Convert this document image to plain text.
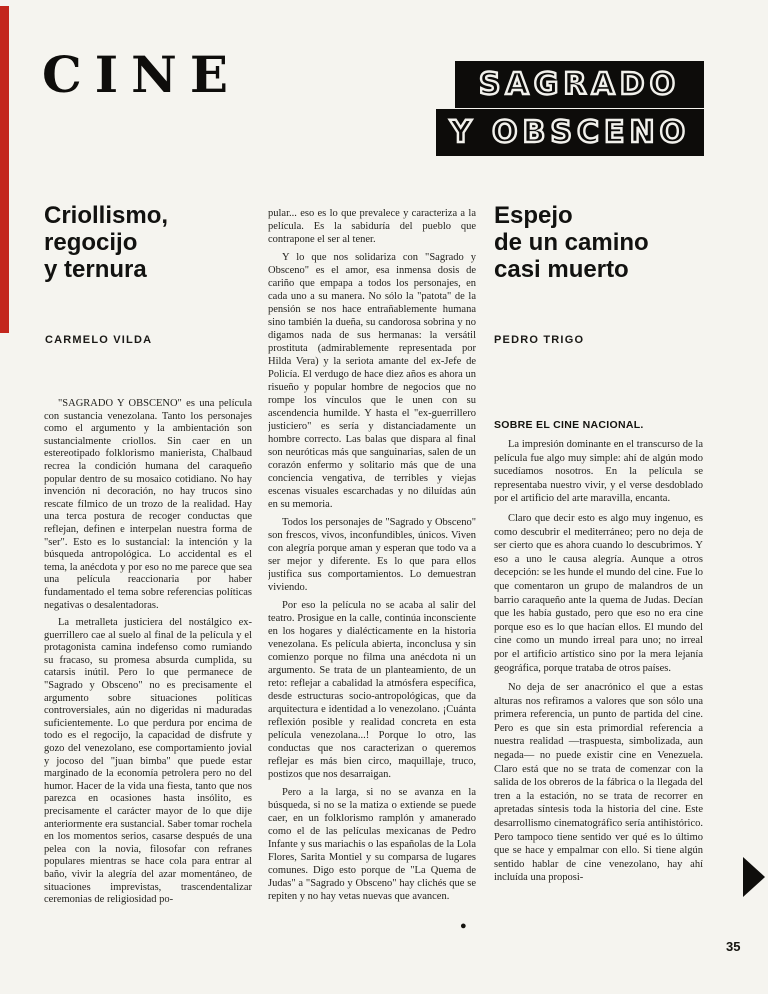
CINE	SAGRADO
Y OBSCENO
Criollismo,
regocijo
y ternura
CARMELO VILDA

"SAGRADO Y OBSCENO" es una película con sustancia venezolana. Tanto los personajes como el argumento y la ambientación son sustancialmente criollos. Sin caer en un estereotipado folklorismo manierista, Chalbaud recrea la condición humana del caraqueño popular dentro de su mosaico cotidiano. No hay invención ni decoración, no hay trucos sino rescate fílmico de un trozo de la realidad. Hay una terca postura de recoger conductas que reflejan, definen e interpelan nuestra forma de "ser". Esto es lo sustancial: la intención y la búsqueda antropológica. Lo accidental es el tema, la anécdota y por eso no me parece que sea una película reaccionaria por haber fundamentado el tema sobre referencias políticas negativas o desalentadoras.

La metralleta justiciera del nostálgico ex-guerrillero cae al suelo al final de la película y el protagonista camina indefenso como rumiando su fracaso, su promesa absurda cumplida, su catarsis inútil. Pero lo que permanece de "Sagrado y Obsceno" no es precisamente el argumento sobre situaciones políticas controversiales, aún no digeridas ni maduradas suficientemente. Lo que perdura por encima de todo es el regocijo, la capacidad de disfrute y gozo del venezolano, ese comportamiento jovial y jocoso del "juan bimba" que puede estar marginado de la economía petrolera pero no del humor. Hacer de la vida una fiesta, tanto que nos parezca en ocasiones hasta insólito, es precisamente el carácter mayor de lo que dije anteriormente era sustancial. Saber tomar rochela en los momentos serios, casarse después de una pelea con la novia, filosofar con refranes populares mientras se hace cola para entrar al baño, vivir la alegría del azar momentáneo, de situaciones imprevistas, trascendentalizar ceremonias de religiosidad po-

pular... eso es lo que prevalece y caracteriza a la película. Es la sabiduría del pueblo que contrapone el ser al tener.

Y lo que nos solidariza con "Sagrado y Obsceno" es el amor, esa inmensa dosis de cariño que empapa a todos los personajes, en cada uno a su manera. No sólo la "patota" de la pensión se nos hace entrañablemente humana sino también la dueña, su candorosa sobrina y no digamos nada de sus hermanas: la versátil prostituta (admirablemente representada por Hilda Vera) y la seriota amante del ex-Jefe de Policía. El verdugo de hace diez años es ahora un risueño y popular hombre de negocios que no rompe los vínculos que le unen con su ascendencia humilde. Y hasta el "ex-guerrillero justiciero" es sería y distanciadamente un hombre correcto. Las balas que dispara al final son neuróticas más que sanguinarias, salen de un corazón enfermo y solitario más que de una conciencia vengativa, de terribles y viejas escenas visuales escarchadas y no diluídas aún en su memoria.

Todos los personajes de "Sagrado y Obsceno" son frescos, vivos, inconfundibles, únicos. Viven con alegría porque aman y esperan que todo va a ser mejor y diferente. Es lo que para ellos justifica sus comportamientos. Lo demuestran viviendo.

Por eso la película no se acaba al salir del teatro. Prosigue en la calle, continúa inconsciente en los hogares y dialécticamente en la historia venezolana. Es película abierta, inconclusa y sin comienzo porque no filma una anécdota ni un argumento. Se trata de un planteamiento, de un reto: reflejar a cabalidad la atmósfera específica, desde estructuras socio-antropológicas, que da arquitectura e identidad a lo venezolano. ¡Cuánta reflexión posible y realidad concreta en esta película venezolana...! Porque lo otro, las conductas que nos caracterizan o queremos reflejar es más bien circo, maquillaje, truco, postizos que nos desarraigan.

Pero a la larga, si no se avanza en la búsqueda, si no se la matiza o extiende se puede caer, en un folklorismo ramplón y amanerado como el de las películas mexicanas de Pedro Infante y sus mariachis o las españolas de la Lola Flores, Sarita Montiel y su comparsa de lugares comunes. Digo esto porque de "La Quema de Judas" a "Sagrado y Obsceno" hay clichés que se repiten y no hay vetas nuevas que avancen.

●
Espejo
de un camino
casi muerto
PEDRO TRIGO
SOBRE EL CINE NACIONAL.

La impresión dominante en el transcurso de la película fue algo muy simple: ahí de algún modo sucedíamos nosotros. En la película se representaba nuestro vivir, y el verse desdoblado por el artificio del arte maravilla, encanta.

Claro que decir esto es algo muy ingenuo, es como descubrir el mediterráneo; pero no deja de ser cierto que es ahora cuando lo descubrimos. Y eso a uno le causa alegría. Aunque a otros decepción: se les hunde el mundo del cine. Fue lo que comentaron un grupo de malandros de un barrio caraqueño ante la quema de Judas. Decían que les había gustado, pero que eso no era cine porque eso es lo que hacían ellos. El mundo del cine como un mundo irreal para uno; no irreal por el artificio artístico sino por la mera lejanía geográfica, porque trataba de otros países.

No deja de ser anacrónico el que a estas alturas nos refiramos a valores que son sólo una primera referencia, un punto de partida del cine. Pero es que sin esta primordial referencia a nuestra realidad —traspuesta, simbolizada, aun negada— no puede existir cine en Venezuela. Claro está que no se trata de comenzar con la salida de los obreros de la fábrica o la llegada del tren a la estación, no se trata de recorrer en apretadas síntesis toda la historia del cine. Este desarrollismo cinematográfico sería antihistórico. Pero tampoco tiene sentido ver qué es lo último que se hace y empalmar con ello. Si tiene algún sentido hablar de cine venezolano, hay ahí incluída una proposi-

35
